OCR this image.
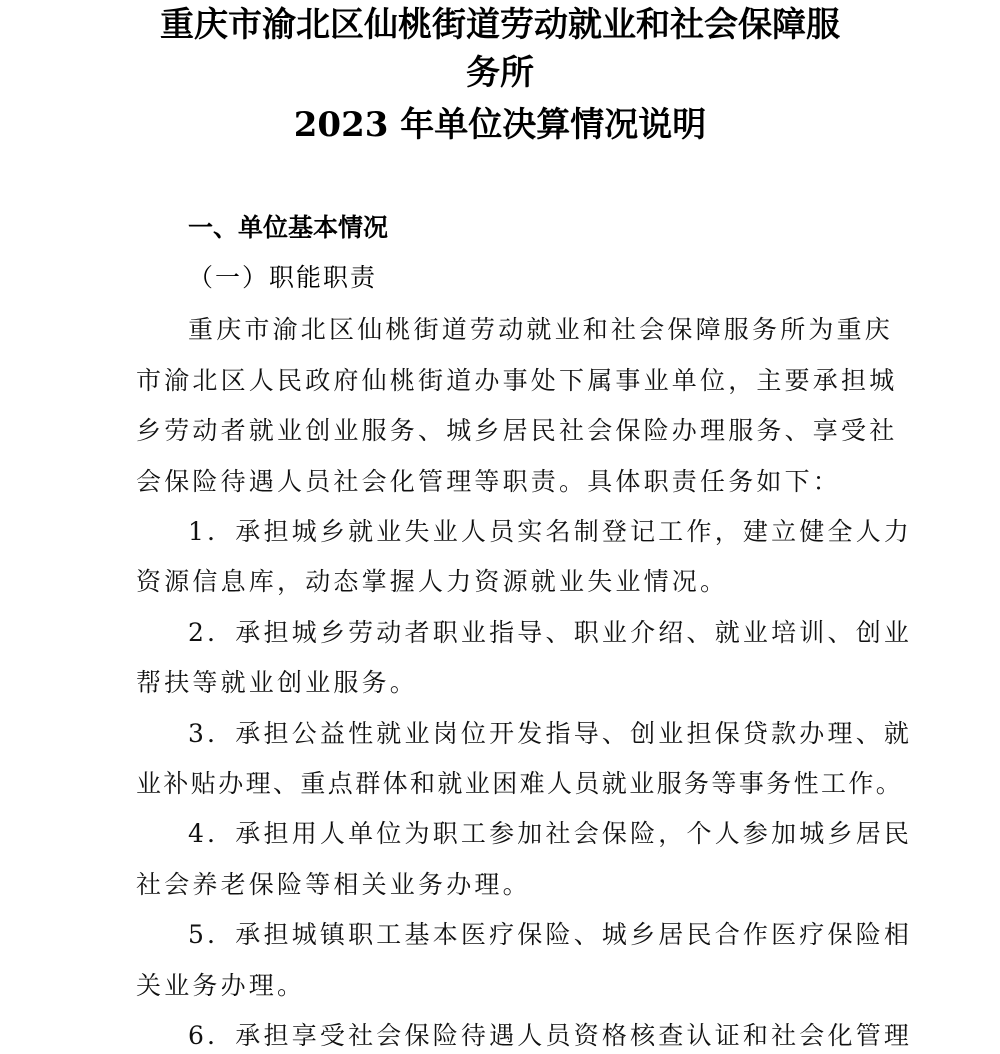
重庆市渝北区仙桃街道劳动就业和社会保障服
务所
2023 年单位决算情况说明
一、单位基本情况
（一）职能职责
重庆市渝北区仙桃街道劳动就业和社会保障服务所为重庆
市渝北区人民政府仙桃街道办事处下属事业单位，主要承担城
乡劳动者就业创业服务、城乡居民社会保险办理服务、享受社
会保险待遇人员社会化管理等职责。具体职责任务如下：
1．承担城乡就业失业人员实名制登记工作，建立健全人力
资源信息库，动态掌握人力资源就业失业情况。
2．承担城乡劳动者职业指导、职业介绍、就业培训、创业
帮扶等就业创业服务。
3．承担公益性就业岗位开发指导、创业担保贷款办理、就
业补贴办理、重点群体和就业困难人员就业服务等事务性工作。
4．承担用人单位为职工参加社会保险，个人参加城乡居民
社会养老保险等相关业务办理。
5．承担城镇职工基本医疗保险、城乡居民合作医疗保险相
关业务办理。
6．承担享受社会保险待遇人员资格核查认证和社会化管理
